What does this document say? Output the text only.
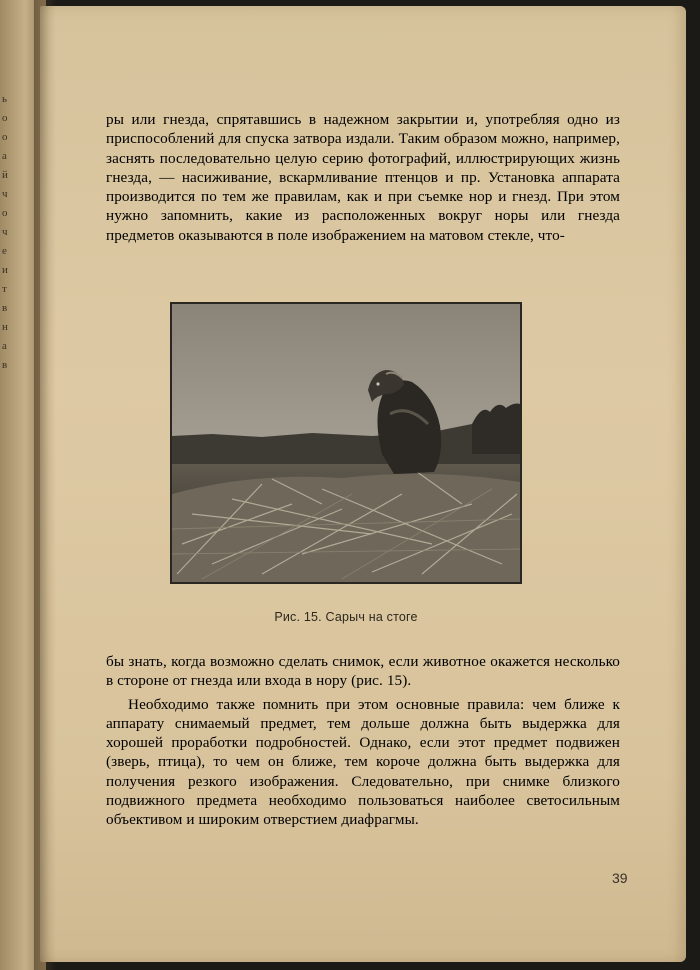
ь о о а й ч о ч е и т в н а в

ры или гнезда, спрятавшись в надежном закрытии и, употребляя одно из приспособлений для спуска затвора издали. Таким образом можно, например, заснять последовательно целую серию фотографий, иллюстрирующих жизнь гнезда, — насиживание, вскармливание птенцов и пр. Установка аппарата производится по тем же правилам, как и при съемке нор и гнезд. При этом нужно запомнить, какие из расположенных вокруг норы или гнезда предметов оказываются в поле изображением на матовом стекле, что-

Рис. 15. Сарыч на стоге

бы знать, когда возможно сделать снимок, если животное окажется несколько в стороне от гнезда или входа в нору (рис. 15).

Необходимо также помнить при этом основные правила: чем ближе к аппарату снимаемый предмет, тем дольше должна быть выдержка для хорошей проработки подробностей. Однако, если этот предмет подвижен (зверь, птица), то чем он ближе, тем короче должна быть выдержка для получения резкого изображения. Следовательно, при снимке близкого подвижного предмета необходимо пользоваться наиболее светосильным объективом и широким отверстием диафрагмы.

39
